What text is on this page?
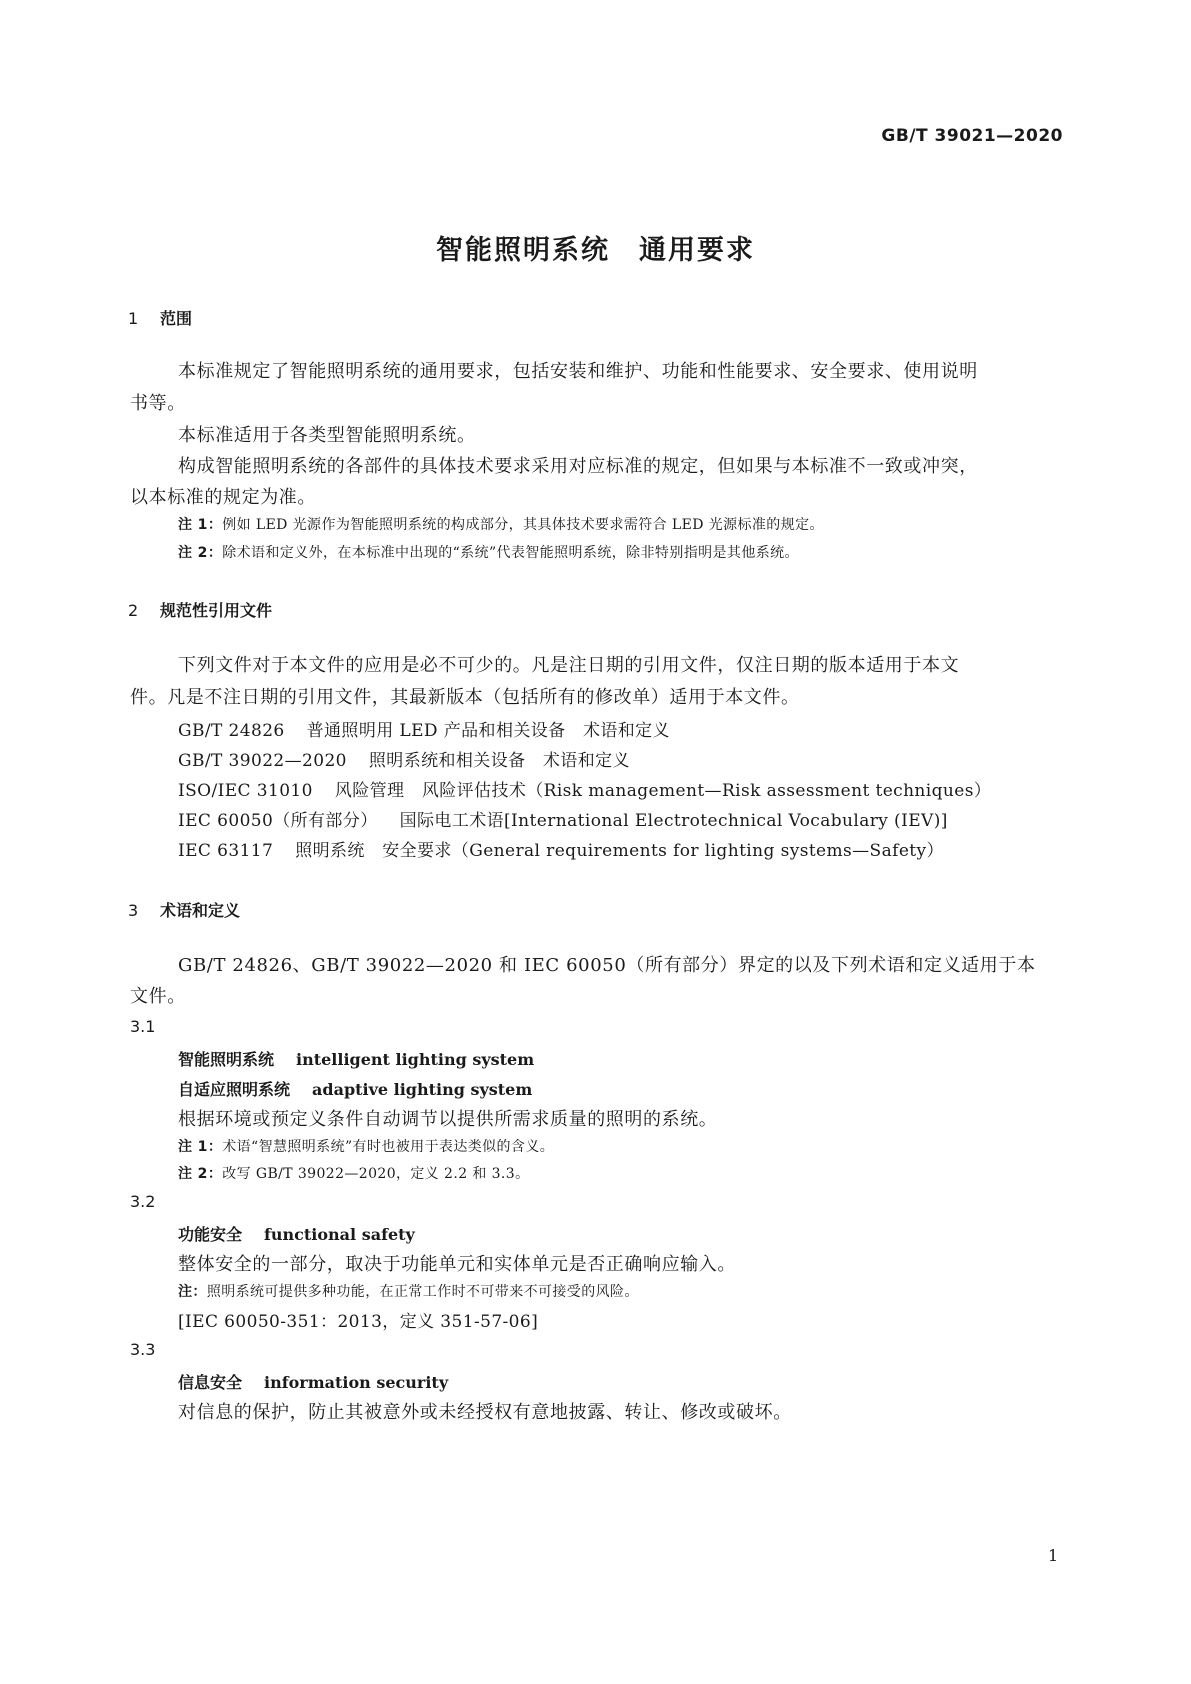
GB/T 39021—2020
智能照明系统　通用要求
1 范围
本标准规定了智能照明系统的通用要求，包括安装和维护、功能和性能要求、安全要求、使用说明
书等。
本标准适用于各类型智能照明系统。
构成智能照明系统的各部件的具体技术要求采用对应标准的规定，但如果与本标准不一致或冲突，
以本标准的规定为准。
注 1：例如 LED 光源作为智能照明系统的构成部分，其具体技术要求需符合 LED 光源标准的规定。
注 2：除术语和定义外，在本标准中出现的“系统”代表智能照明系统，除非特别指明是其他系统。
2 规范性引用文件
下列文件对于本文件的应用是必不可少的。凡是注日期的引用文件，仅注日期的版本适用于本文
件。凡是不注日期的引用文件，其最新版本（包括所有的修改单）适用于本文件。
GB/T 24826 普通照明用 LED 产品和相关设备　术语和定义
GB/T 39022—2020 照明系统和相关设备　术语和定义
ISO/IEC 31010 风险管理　风险评估技术（Risk management—Risk assessment techniques）
IEC 60050（所有部分） 国际电工术语[International Electrotechnical Vocabulary (IEV)]
IEC 63117 照明系统　安全要求（General requirements for lighting systems—Safety）
3 术语和定义
GB/T 24826、GB/T 39022—2020 和 IEC 60050（所有部分）界定的以及下列术语和定义适用于本
文件。
3.1
智能照明系统 intelligent lighting system
自适应照明系统 adaptive lighting system
根据环境或预定义条件自动调节以提供所需求质量的照明的系统。
注 1：术语“智慧照明系统”有时也被用于表达类似的含义。
注 2：改写 GB/T 39022—2020，定义 2.2 和 3.3。
3.2
功能安全 functional safety
整体安全的一部分，取决于功能单元和实体单元是否正确响应输入。
注：照明系统可提供多种功能，在正常工作时不可带来不可接受的风险。
[IEC 60050-351：2013，定义 351-57-06]
3.3
信息安全 information security
对信息的保护，防止其被意外或未经授权有意地披露、转让、修改或破坏。
1
